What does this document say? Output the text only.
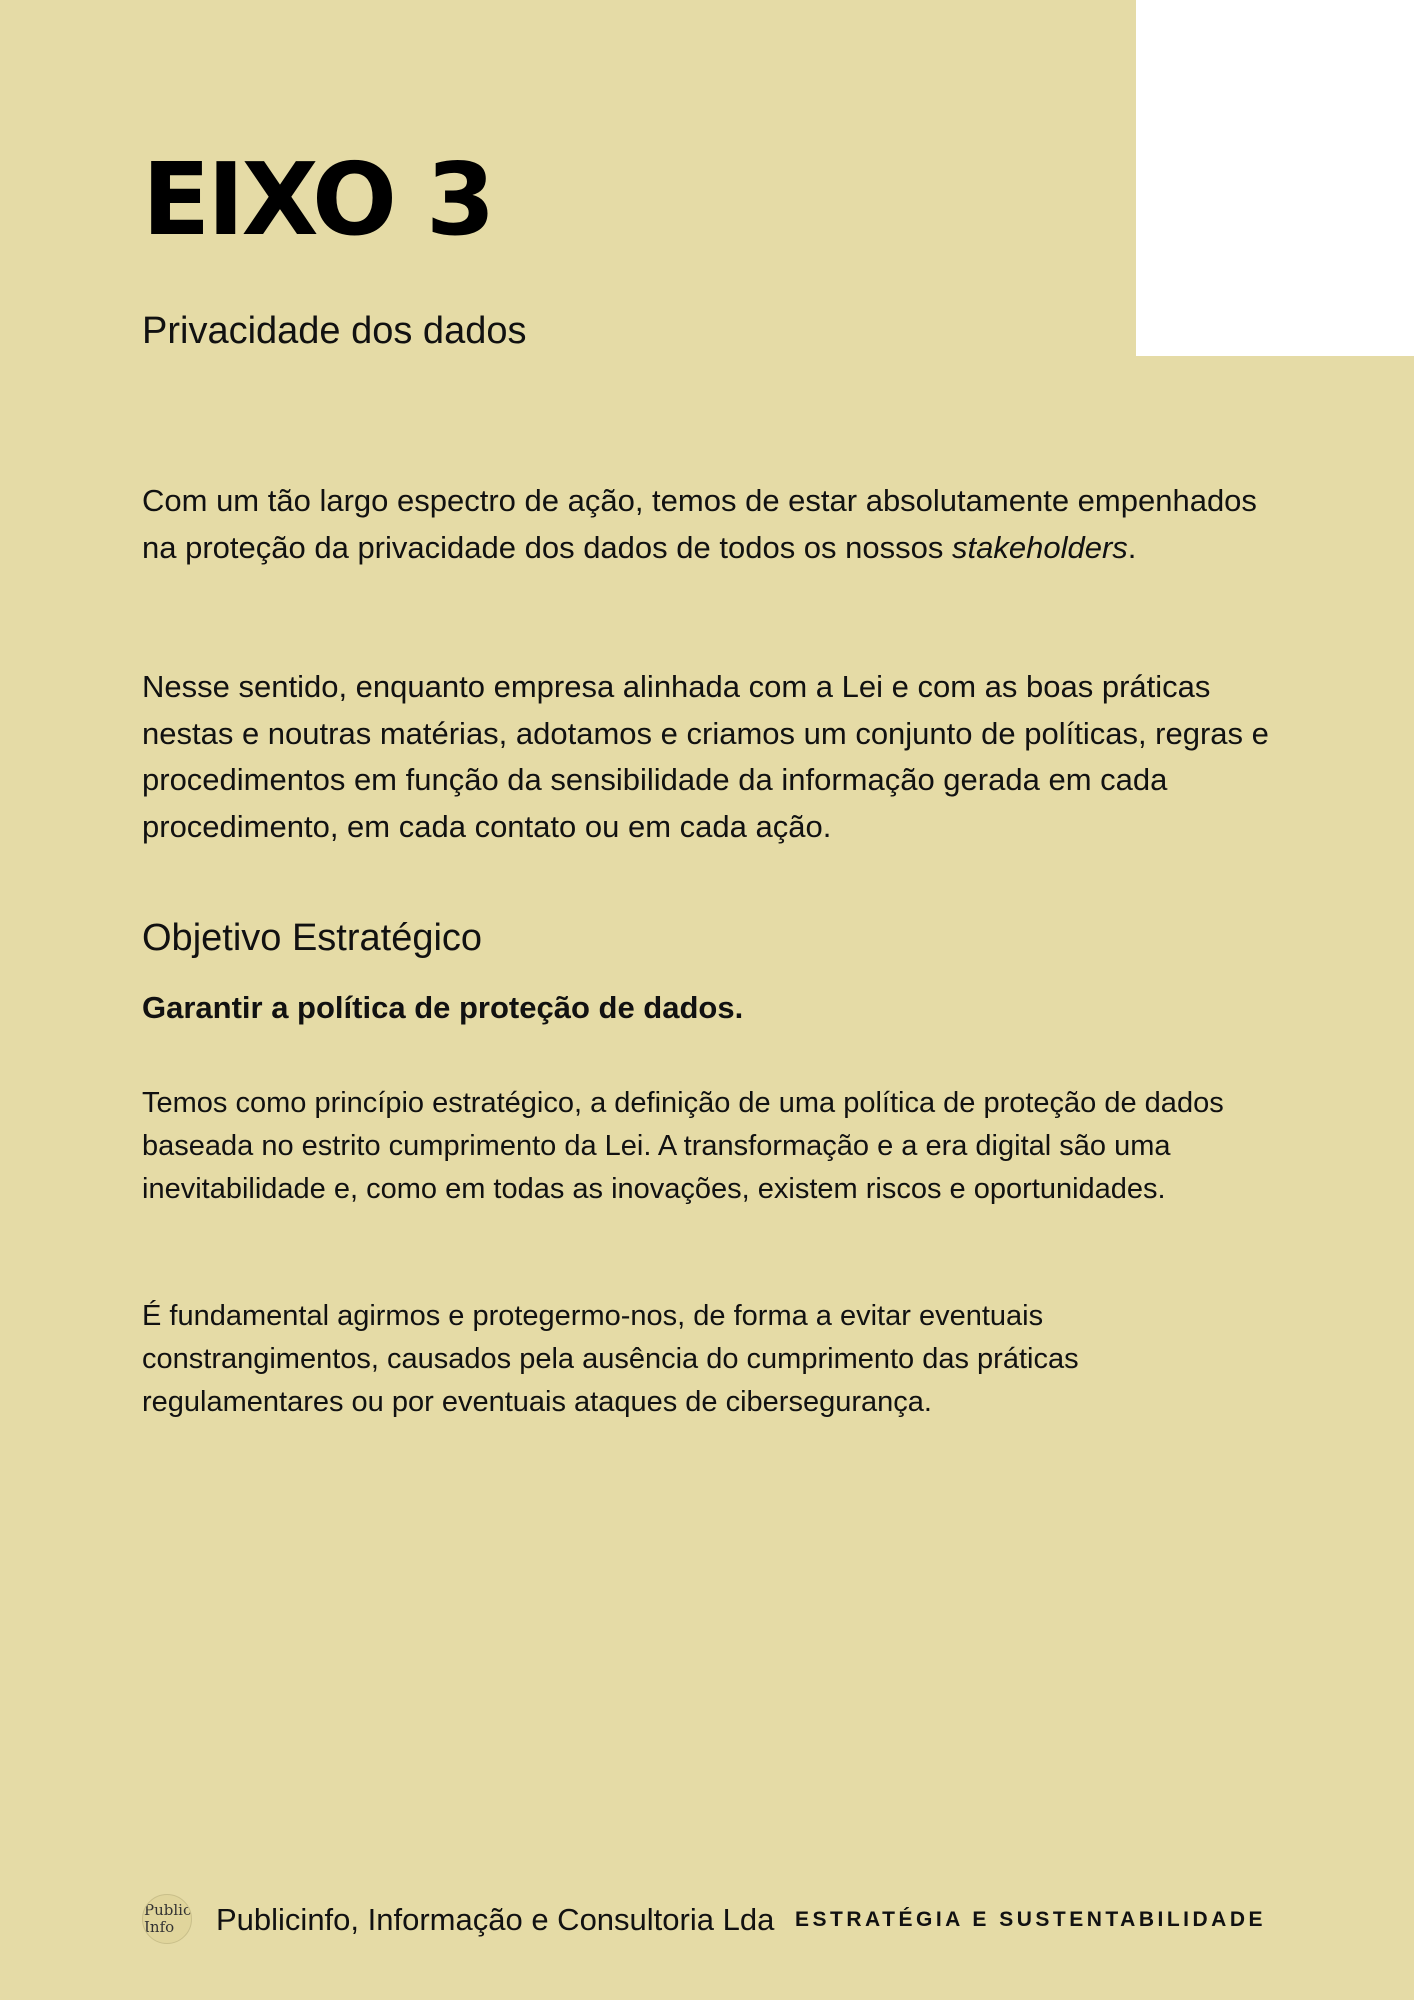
EIXO 3
Privacidade dos dados

Com um tão largo espectro de ação, temos de estar absolutamente empenhados na proteção da privacidade dos dados de todos os nossos stakeholders.

Nesse sentido, enquanto empresa alinhada com a Lei e com as boas práticas nestas e noutras matérias, adotamos e criamos um conjunto de políticas, regras e procedimentos em função da sensibilidade da informação gerada em cada procedimento, em cada contato ou em cada ação.

Objetivo Estratégico

Garantir a política de proteção de dados.

Temos como princípio estratégico, a definição de uma política de proteção de dados baseada no estrito cumprimento da Lei. A transformação e a era digital são uma inevitabilidade e, como em todas as inovações, existem riscos e oportunidades.

É fundamental agirmos e protegermo-nos, de forma a evitar eventuais constrangimentos, causados pela ausência do cumprimento das práticas regulamentares ou por eventuais ataques de cibersegurança.

Public
Info	Publicinfo, Informação e Consultoria Lda ESTRATÉGIA E SUSTENTABILIDADE
